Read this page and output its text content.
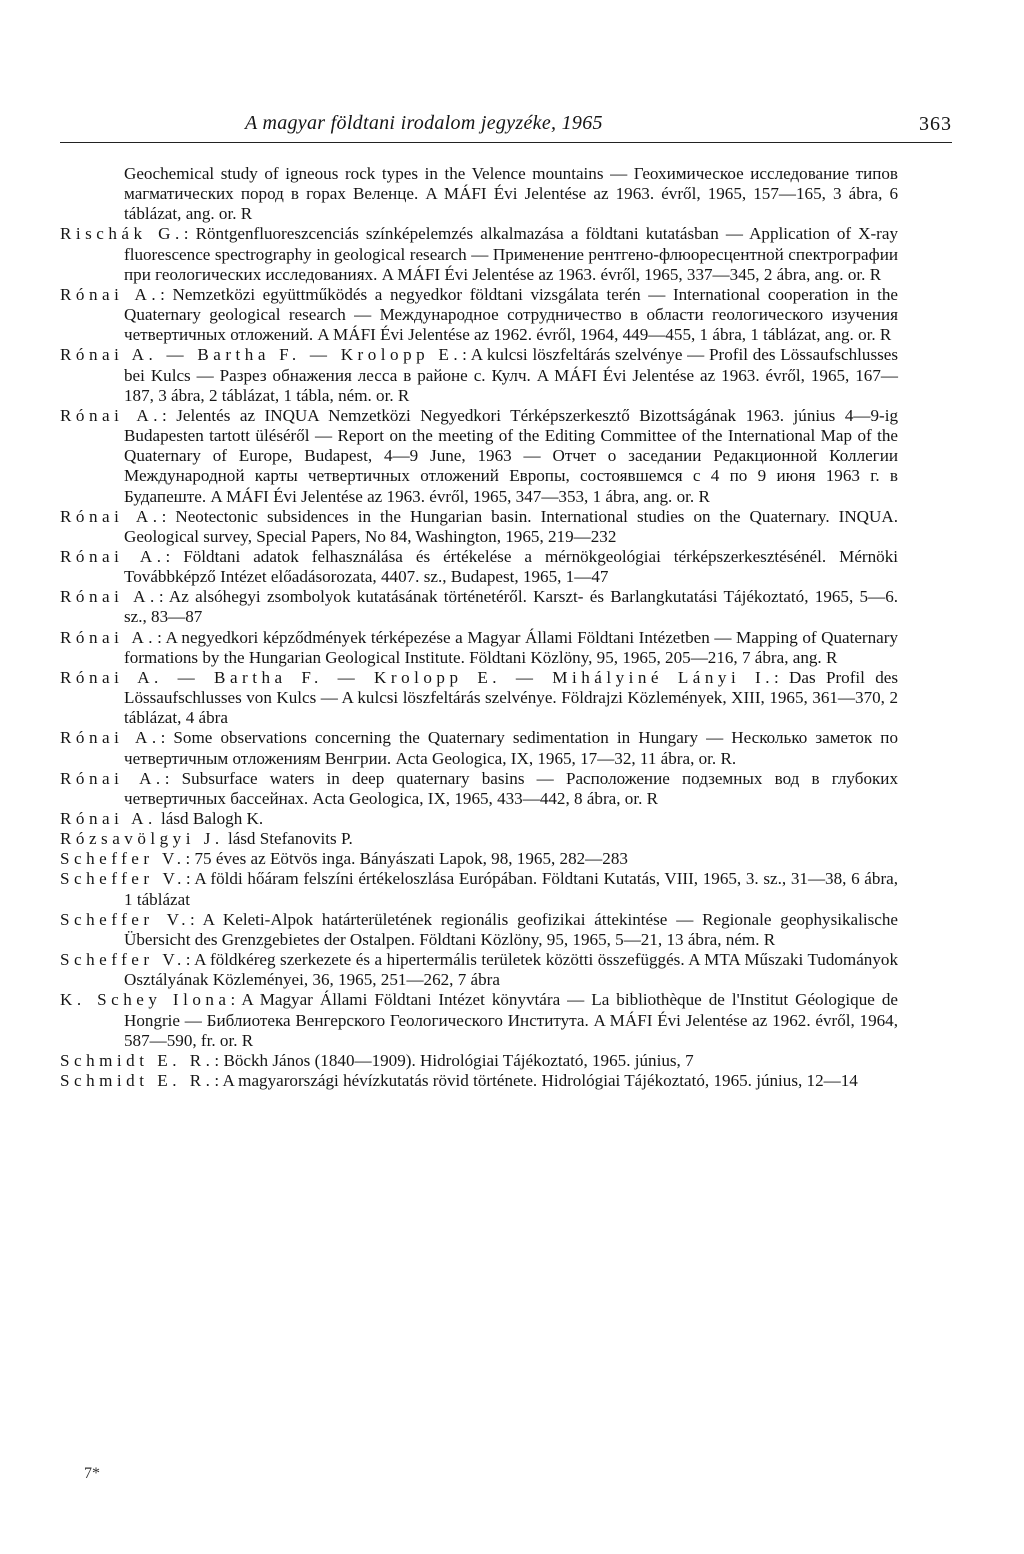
A magyar földtani irodalom jegyzéke, 1965	363

Geochemical study of igneous rock types in the Velence mountains — Геохимическое исследование типов магматических пород в горах Веленце. A MÁFI Évi Jelentése az 1963. évről, 1965, 157—165, 3 ábra, 6 táblázat, ang. or. R

Rischák G.: Röntgenfluoreszcenciás színképelemzés alkalmazása a földtani kutatásban — Application of X-ray fluorescence spectrography in geological research — Применение рентгено-флюоресцентной спектрографии при геологических исследованиях. A MÁFI Évi Jelentése az 1963. évről, 1965, 337—345, 2 ábra, ang. or. R

Rónai A.: Nemzetközi együttműködés a negyedkor földtani vizsgálata terén — International cooperation in the Quaternary geological research — Международное сотрудничество в области геологического изучения четвертичных отложений. A MÁFI Évi Jelentése az 1962. évről, 1964, 449—455, 1 ábra, 1 táblázat, ang. or. R

Rónai A. — Bartha F. — Krolopp E.: A kulcsi löszfeltárás szelvénye — Profil des Lössaufschlusses bei Kulcs — Разрез обнажения лесса в районе с. Кулч. A MÁFI Évi Jelentése az 1963. évről, 1965, 167—187, 3 ábra, 2 táblázat, 1 tábla, ném. or. R

Rónai A.: Jelentés az INQUA Nemzetközi Negyedkori Térképszerkesztő Bizottságának 1963. június 4—9-ig Budapesten tartott üléséről — Report on the meeting of the Editing Committee of the International Map of the Quaternary of Europe, Budapest, 4—9 June, 1963 — Отчет о заседании Редакционной Коллегии Международной карты четвертичных отложений Европы, состоявшемся с 4 по 9 июня 1963 г. в Будапеште. A MÁFI Évi Jelentése az 1963. évről, 1965, 347—353, 1 ábra, ang. or. R

Rónai A.: Neotectonic subsidences in the Hungarian basin. International studies on the Quaternary. INQUA. Geological survey, Special Papers, No 84, Washington, 1965, 219—232

Rónai A.: Földtani adatok felhasználása és értékelése a mérnökgeológiai térképszerkesztésénél. Mérnöki Továbbképző Intézet előadásorozata, 4407. sz., Budapest, 1965, 1—47

Rónai A.: Az alsóhegyi zsombolyok kutatásának történetéről. Karszt- és Barlangkutatási Tájékoztató, 1965, 5—6. sz., 83—87

Rónai A.: A negyedkori képződmények térképezése a Magyar Állami Földtani Intézetben — Mapping of Quaternary formations by the Hungarian Geological Institute. Földtani Közlöny, 95, 1965, 205—216, 7 ábra, ang. R

Rónai A. — Bartha F. — Krolopp E. — Mihályiné Lányi I.: Das Profil des Lössaufschlusses von Kulcs — A kulcsi löszfeltárás szelvénye. Földrajzi Közlemények, XIII, 1965, 361—370, 2 táblázat, 4 ábra

Rónai A.: Some observations concerning the Quaternary sedimentation in Hungary — Несколько заметок по четвертичным отложениям Венгрии. Acta Geologica, IX, 1965, 17—32, 11 ábra, or. R.

Rónai A.: Subsurface waters in deep quaternary basins — Расположение подземных вод в глубоких четвертичных бассейнах. Acta Geologica, IX, 1965, 433—442, 8 ábra, or. R

Rónai A. lásd Balogh K.

Rózsavölgyi J. lásd Stefanovits P.

Scheffer V.: 75 éves az Eötvös inga. Bányászati Lapok, 98, 1965, 282—283

Scheffer V.: A földi hőáram felszíni értékeloszlása Európában. Földtani Kutatás, VIII, 1965, 3. sz., 31—38, 6 ábra, 1 táblázat

Scheffer V.: A Keleti-Alpok határterületének regionális geofizikai áttekintése — Regionale geophysikalische Übersicht des Grenzgebietes der Ostalpen. Földtani Közlöny, 95, 1965, 5—21, 13 ábra, ném. R

Scheffer V.: A földkéreg szerkezete és a hipertermális területek közötti összefüggés. A MTA Műszaki Tudományok Osztályának Közleményei, 36, 1965, 251—262, 7 ábra

K. Schey Ilona: A Magyar Állami Földtani Intézet könyvtára — La bibliothèque de l'Institut Géologique de Hongrie — Библиотека Венгерского Геологического Института. A MÁFI Évi Jelentése az 1962. évről, 1964, 587—590, fr. or. R

Schmidt E. R.: Böckh János (1840—1909). Hidrológiai Tájékoztató, 1965. június, 7

Schmidt E. R.: A magyarországi hévízkutatás rövid története. Hidrológiai Tájékoztató, 1965. június, 12—14

7*
